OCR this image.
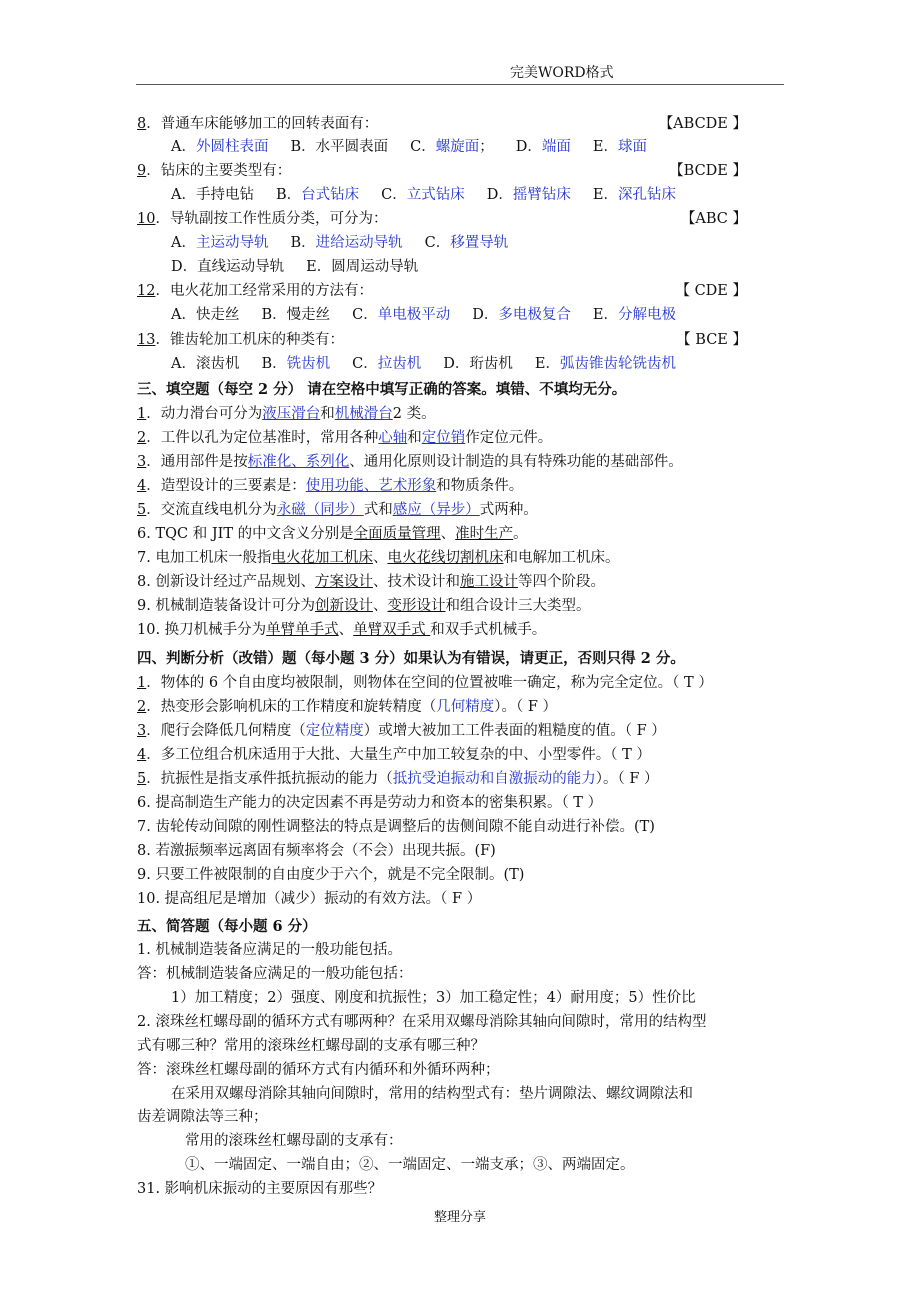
完美WORD格式
8．普通车床能够加工的回转表面有：	【ABCDE 】
A．外圆柱表面 B．水平圆表面 C．螺旋面； D．端面 E．球面
9．钻床的主要类型有：	【BCDE 】
A．手持电钻 B．台式钻床 C．立式钻床 D．摇臂钻床 E．深孔钻床
10．导轨副按工作性质分类，可分为：	【ABC 】
A．主运动导轨 B．进给运动导轨 C．移置导轨
D．直线运动导轨 E．圆周运动导轨
12．电火花加工经常采用的方法有：	【 CDE 】
A．快走丝 B．慢走丝 C．单电极平动 D．多电极复合 E．分解电极
13．锥齿轮加工机床的种类有：	【 BCE 】
A．滚齿机 B．铣齿机 C．拉齿机 D．珩齿机 E．弧齿锥齿轮铣齿机
三、填空题（每空 2 分） 请在空格中填写正确的答案。填错、不填均无分。
1．动力滑台可分为液压滑台和机械滑台2 类。
2．工件以孔为定位基准时，常用各种心轴和定位销作定位元件。
3．通用部件是按标准化、系列化、通用化原则设计制造的具有特殊功能的基础部件。
4．造型设计的三要素是：使用功能、艺术形象和物质条件。
5．交流直线电机分为永磁（同步）式和感应（异步）式两种。
6. TQC 和 JIT 的中文含义分别是全面质量管理、准时生产。
7. 电加工机床一般指电火花加工机床、电火花线切割机床和电解加工机床。
8. 创新设计经过产品规划、方案设计、技术设计和施工设计等四个阶段。
9. 机械制造装备设计可分为创新设计、变形设计和组合设计三大类型。
10. 换刀机械手分为单臂单手式、单臂双手式 和双手式机械手。
四、判断分析（改错）题（每小题 3 分）如果认为有错误，请更正，否则只得 2 分。
1．物体的 6 个自由度均被限制，则物体在空间的位置被唯一确定，称为完全定位。（ T ）
2．热变形会影响机床的工作精度和旋转精度（几何精度）。（ F ）
3．爬行会降低几何精度（定位精度）或增大被加工工件表面的粗糙度的值。（ F ）
4．多工位组合机床适用于大批、大量生产中加工较复杂的中、小型零件。（ T ）
5．抗振性是指支承件抵抗振动的能力（抵抗受迫振动和自激振动的能力）。（ F ）
6. 提高制造生产能力的决定因素不再是劳动力和资本的密集积累。（ T ）
7. 齿轮传动间隙的刚性调整法的特点是调整后的齿侧间隙不能自动进行补偿。(T)
8. 若激振频率远离固有频率将会（不会）出现共振。(F)
9. 只要工件被限制的自由度少于六个，就是不完全限制。(T)
10. 提高组尼是增加（减少）振动的有效方法。（ F ）
五、简答题（每小题 6 分）
1. 机械制造装备应满足的一般功能包括。
答：机械制造装备应满足的一般功能包括：
1）加工精度；2）强度、刚度和抗振性；3）加工稳定性；4）耐用度；5）性价比
2. 滚珠丝杠螺母副的循环方式有哪两种？在采用双螺母消除其轴向间隙时，常用的结构型
式有哪三种？常用的滚珠丝杠螺母副的支承有哪三种？
答：滚珠丝杠螺母副的循环方式有内循环和外循环两种；
在采用双螺母消除其轴向间隙时，常用的结构型式有：垫片调隙法、螺纹调隙法和
齿差调隙法等三种；
常用的滚珠丝杠螺母副的支承有：
①、一端固定、一端自由；②、一端固定、一端支承；③、两端固定。
31. 影响机床振动的主要原因有那些？
整理分享
